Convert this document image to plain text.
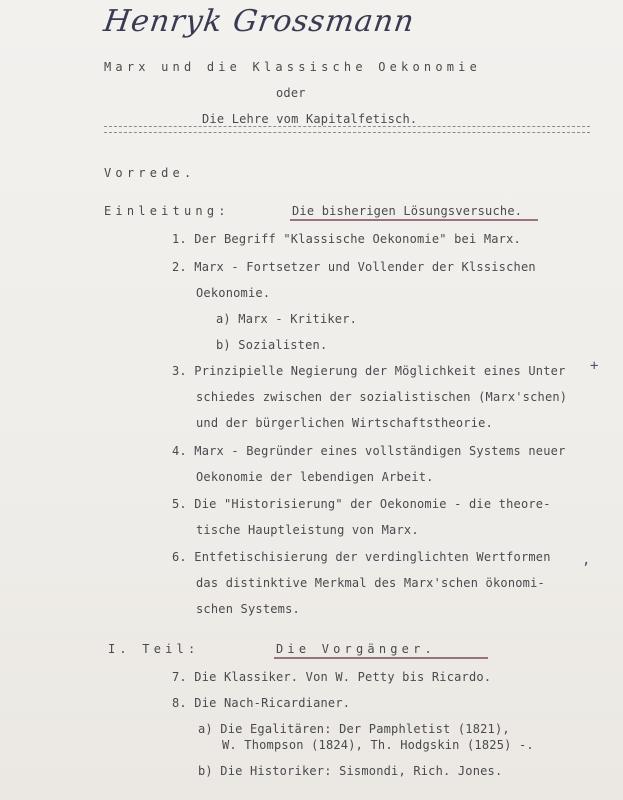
Henryk Grossmann
Marx und die Klassische Oekonomie
oder
Die Lehre vom Kapitalfetisch.
Vorrede.
Einleitung:	Die bisherigen Lösungsversuche.
1. Der Begriff "Klassische Oekonomie" bei Marx.
2. Marx - Fortsetzer und Vollender der Klssischen
Oekonomie.
a) Marx - Kritiker.
b) Sozialisten.
3. Prinzipielle Negierung der Möglichkeit eines Unter +
schiedes zwischen der sozialistischen (Marx'schen)
und der bürgerlichen Wirtschaftstheorie.
4. Marx - Begründer eines vollständigen Systems neuer
Oekonomie der lebendigen Arbeit.
5. Die "Historisierung" der Oekonomie - die theore-
tische Hauptleistung von Marx.
6. Entfetischisierung der verdinglichten Wertformen ,
das distinktive Merkmal des Marx'schen ökonomi-
schen Systems.
I. Teil:	Die Vorgänger.
7. Die Klassiker. Von W. Petty bis Ricardo.
8. Die Nach-Ricardianer.
a) Die Egalitären: Der Pamphletist (1821),
W. Thompson (1824), Th. Hodgskin (1825) -.
b) Die Historiker: Sismondi, Rich. Jones.
